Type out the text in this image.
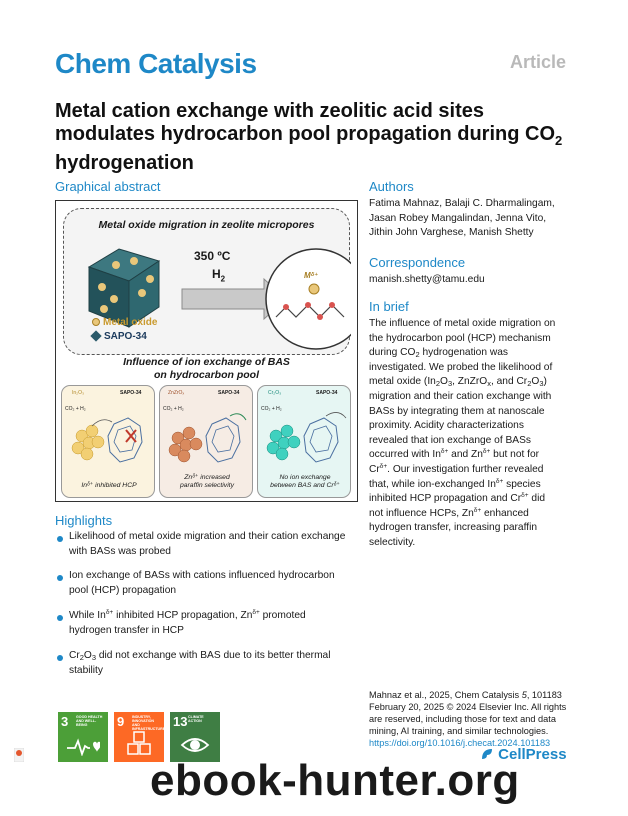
Chem Catalysis	Article
Metal cation exchange with zeolitic acid sites
modulates hydrocarbon pool propagation during $CO_2$
hydrogenation
Graphical abstract
Metal oxide migration in zeolite micropores
350 ºC
$H_2$	Mᵟ⁺
Metal oxide
SAPO-34
Influence of ion exchange of BAS
on hydrocarbon pool
In₂O₃	SAPO-34
CO₂ + H₂
Inᵟ⁺ inhibited HCP
ZnZrOₓ	SAPO-34
CO₂ + H₂
Znᵟ⁺ increased
paraffin selectivity
Cr₂O₃	SAPO-34
CO₂ + H₂
No ion exchange
between BAS and Crᵟ⁺
Authors
Fatima Mahnaz, Balaji C. Dharmalingam,
Jasan Robey Mangalindan, Jenna Vito,
Jithin John Varghese, Manish Shetty
Correspondence
manish.shetty@tamu.edu
In brief
The influence of metal oxide migration on
the hydrocarbon pool (HCP) mechanism
during $CO_2$ hydrogenation was
investigated. We probed the likelihood of
metal oxide ($In_2O_3$, ZnZrO$_x$, and $Cr_2O_3$)
migration and their cation exchange with
BASs by integrating them at nanoscale
proximity. Acidity characterizations
revealed that ion exchange of BASs
occurred with $In^{\delta+}$ and $Zn^{\delta+}$ but not for
$Cr^{\delta+}$. Our investigation further revealed
that, while ion-exchanged $In^{\delta+}$ species
inhibited HCP propagation and $Cr^{\delta+}$ did
not influence HCPs, $Zn^{\delta+}$ enhanced
hydrogen transfer, increasing paraffin
selectivity.
Highlights
Likelihood of metal oxide migration and their cation exchange
with BASs was probed
Ion exchange of BASs with cations influenced hydrocarbon
pool (HCP) propagation
While $In^{\delta+}$ inhibited HCP propagation, $Zn^{\delta+}$ promoted
hydrogen transfer in HCP
$Cr_2O_3$ did not exchange with BAS due to its better thermal
stability
Mahnaz et al., 2025, Chem Catalysis 5, 101183
February 20, 2025 © 2024 Elsevier Inc. All rights
are reserved, including those for text and data
mining, AI training, and similar technologies.
https://doi.org/10.1016/j.checat.2024.101183
3 GOOD HEALTH AND WELL-BEING	9 INDUSTRY, INNOVATION AND INFRASTRUCTURE 13 CLIMATE ACTION
CellPress
ebook-hunter.org
